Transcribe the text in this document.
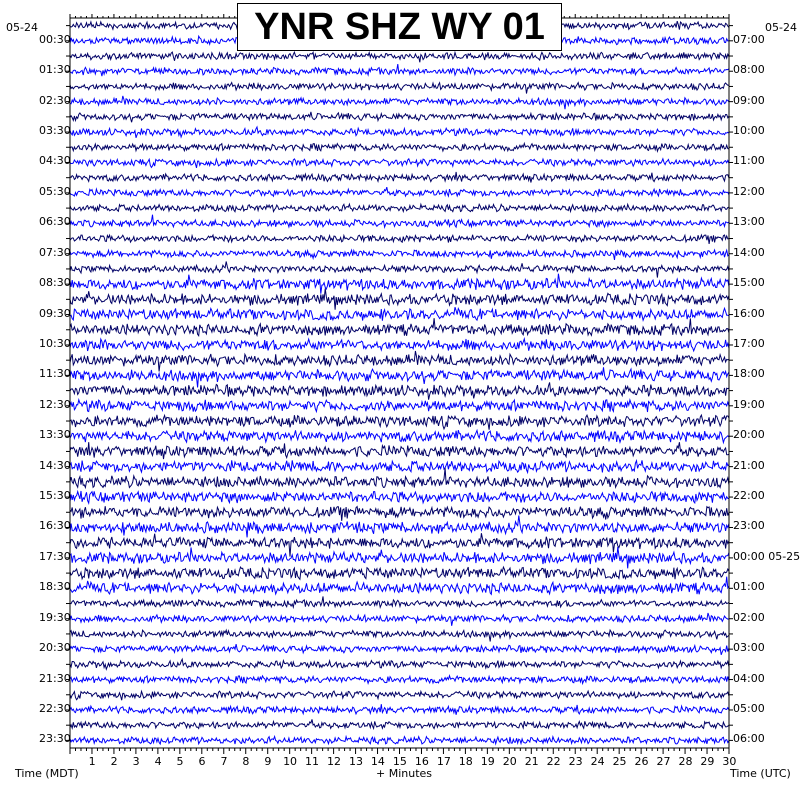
YNR SHZ WY 01
05-24	05-24
00:30
01:30
02:30
03:30
04:30
05:30
06:30
07:30
08:30
09:30
10:30
11:30
12:30
13:30
14:30
15:30
16:30
17:30
18:30
19:30
20:30
21:30
22:30
23:30
07:00
08:00
09:00
10:00
11:00
12:00
13:00
14:00
15:00
16:00
17:00
18:00
19:00
20:00
21:00
22:00
23:00
00:00 05-25
01:00
02:00
03:00
04:00
05:00
06:00
1 2 3 4 5 6 7 8 9 10 11 12 13 14 15 16 17 18 19 20 21 22 23 24 25 26 27 28 29 30
Time (MDT)	+ Minutes	Time (UTC)
